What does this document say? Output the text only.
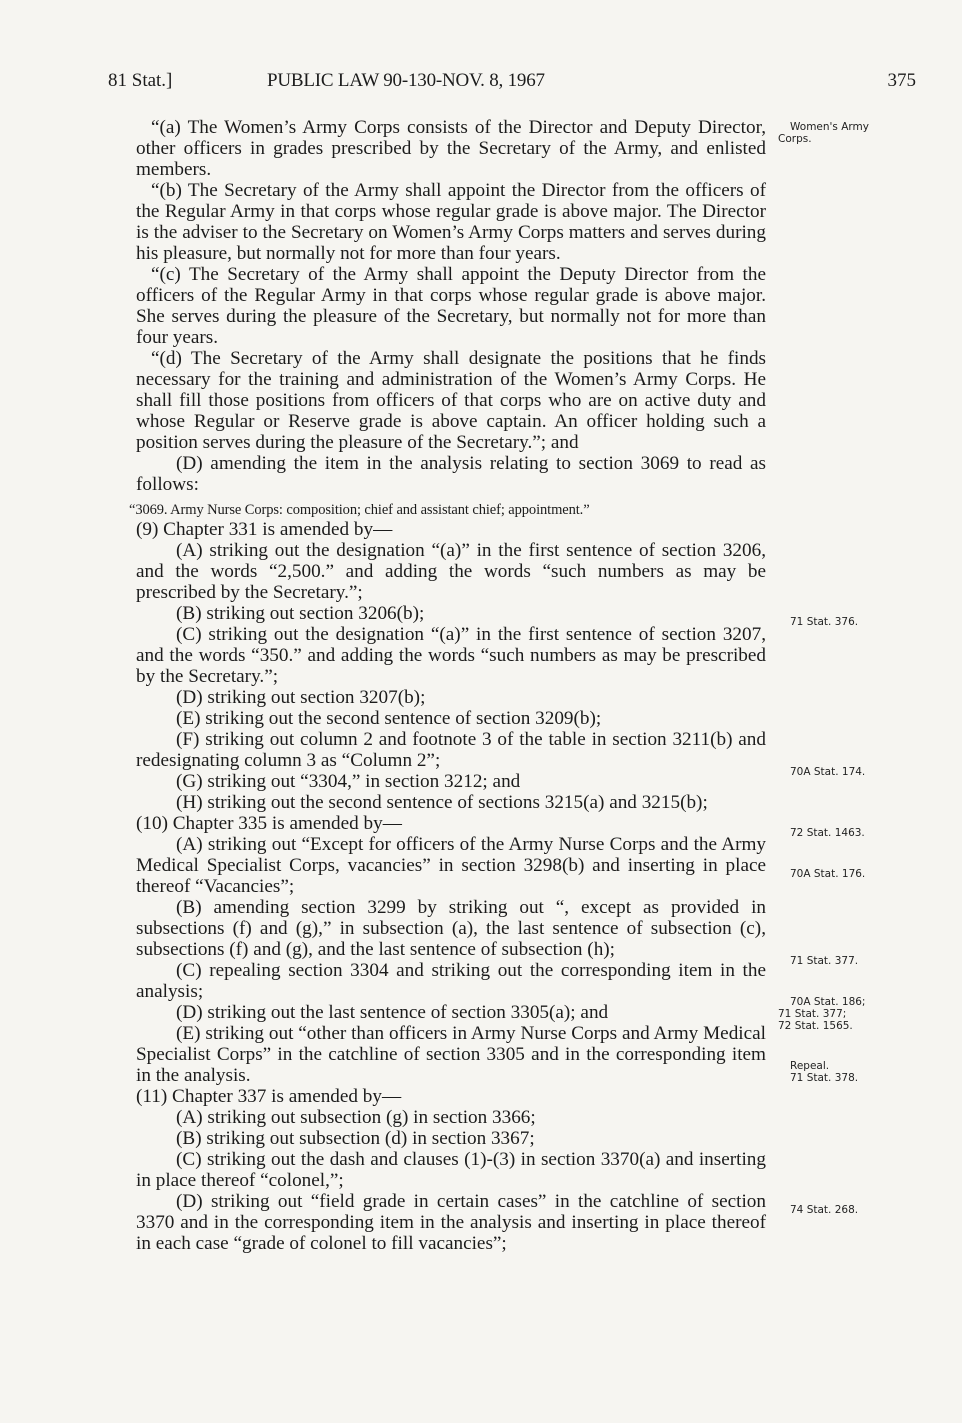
81 Stat.]	PUBLIC LAW 90-130-NOV. 8, 1967	375

“(a) The Women’s Army Corps consists of the Director and Deputy Director, other officers in grades prescribed by the Secretary of the Army, and enlisted members.

“(b) The Secretary of the Army shall appoint the Director from the officers of the Regular Army in that corps whose regular grade is above major. The Director is the adviser to the Secretary on Women’s Army Corps matters and serves during his pleasure, but normally not for more than four years.

“(c) The Secretary of the Army shall appoint the Deputy Director from the officers of the Regular Army in that corps whose regular grade is above major. She serves during the pleasure of the Secretary, but normally not for more than four years.

“(d) The Secretary of the Army shall designate the positions that he finds necessary for the training and administration of the Women’s Army Corps. He shall fill those positions from officers of that corps who are on active duty and whose Regular or Reserve grade is above captain. An officer holding such a position serves during the pleasure of the Secretary.”; and

(D) amending the item in the analysis relating to section 3069 to read as follows:

“3069. Army Nurse Corps: composition; chief and assistant chief; appointment.”

(9) Chapter 331 is amended by—

(A) striking out the designation “(a)” in the first sentence of section 3206, and the words “2,500.” and adding the words “such numbers as may be prescribed by the Secretary.”;

(B) striking out section 3206(b);

(C) striking out the designation “(a)” in the first sentence of section 3207, and the words “350.” and adding the words “such numbers as may be prescribed by the Secretary.”;

(D) striking out section 3207(b);

(E) striking out the second sentence of section 3209(b);

(F) striking out column 2 and footnote 3 of the table in section 3211(b) and redesignating column 3 as “Column 2”;

(G) striking out “3304,” in section 3212; and

(H) striking out the second sentence of sections 3215(a) and 3215(b);

(10) Chapter 335 is amended by—

(A) striking out “Except for officers of the Army Nurse Corps and the Army Medical Specialist Corps, vacancies” in section 3298(b) and inserting in place thereof “Vacancies”;

(B) amending section 3299 by striking out “, except as provided in subsections (f) and (g),” in subsection (a), the last sentence of subsection (c), subsections (f) and (g), and the last sentence of subsection (h);

(C) repealing section 3304 and striking out the corresponding item in the analysis;

(D) striking out the last sentence of section 3305(a); and

(E) striking out “other than officers in Army Nurse Corps and Army Medical Specialist Corps” in the catchline of section 3305 and in the corresponding item in the analysis.

(11) Chapter 337 is amended by—

(A) striking out subsection (g) in section 3366;

(B) striking out subsection (d) in section 3367;

(C) striking out the dash and clauses (1)-(3) in section 3370(a) and inserting in place thereof “colonel,”;

(D) striking out “field grade in certain cases” in the catchline of section 3370 and in the corresponding item in the analysis and inserting in place thereof in each case “grade of colonel to fill vacancies”;

Women's Army
Corps.
71 Stat. 376.
70A Stat. 174.
72 Stat. 1463.
70A Stat. 176.
71 Stat. 377.
70A Stat. 186;
71 Stat. 377;
72 Stat. 1565.
Repeal.
71 Stat. 378.
74 Stat. 268.
